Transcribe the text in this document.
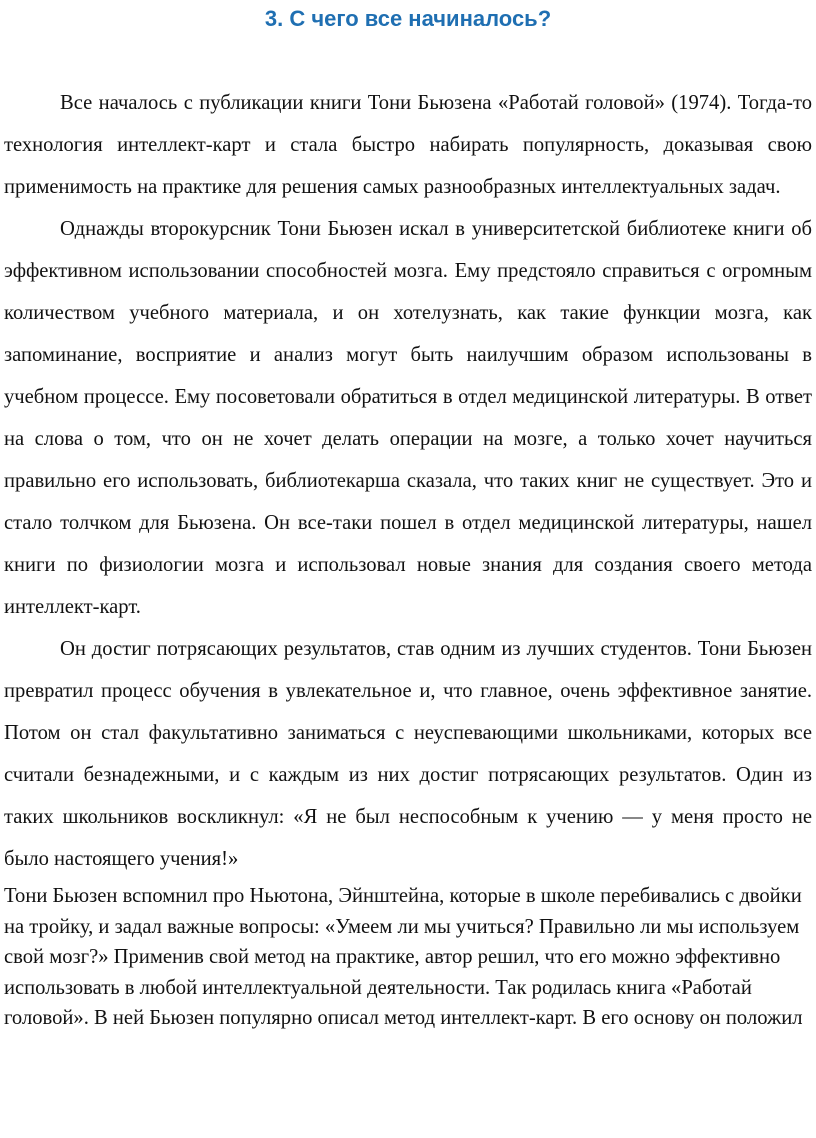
3. С чего все начиналось?

Все началось с публикации книги Тони Бьюзена «Работай головой» (1974). Тогда-то технология интеллект-карт и стала быстро набирать популярность, доказывая свою применимость на практике для решения самых разнообразных интеллектуальных задач.

Однажды второкурсник Тони Бьюзен искал в университетской библиотеке книги об эффективном использовании способностей мозга. Ему предстояло справиться с огромным количеством учебного материала, и он хотелузнать, как такие функции мозга, как запоминание, восприятие и анализ могут быть наилучшим образом использованы в учебном процессе. Ему посоветовали обратиться в отдел медицинской литературы. В ответ на слова о том, что он не хочет делать операции на мозге, а только хочет научиться правильно его использовать, библиотекарша сказала, что таких книг не существует. Это и стало толчком для Бьюзена. Он все-таки пошел в отдел медицинской литературы, нашел книги по физиологии мозга и использовал новые знания для создания своего метода интеллект-карт.

Он достиг потрясающих результатов, став одним из лучших студентов. Тони Бьюзен превратил процесс обучения в увлекательное и, что главное, очень эффективное занятие. Потом он стал факультативно заниматься с неуспевающими школьниками, которых все считали безнадежными, и с каждым из них достиг потрясающих результатов. Один из таких школьников воскликнул: «Я не был неспособным к учению — у меня просто не было настоящего учения!»

Тони Бьюзен вспомнил про Ньютона, Эйнштейна, которые в школе перебивались с двойки на тройку, и задал важные вопросы: «Умеем ли мы учиться? Правильно ли мы используем свой мозг?» Применив свой метод на практике, автор решил, что его можно эффективно использовать в любой интеллектуальной деятельности. Так родилась книга «Работай головой». В ней Бьюзен популярно описал метод интеллект-карт. В его основу он положил
